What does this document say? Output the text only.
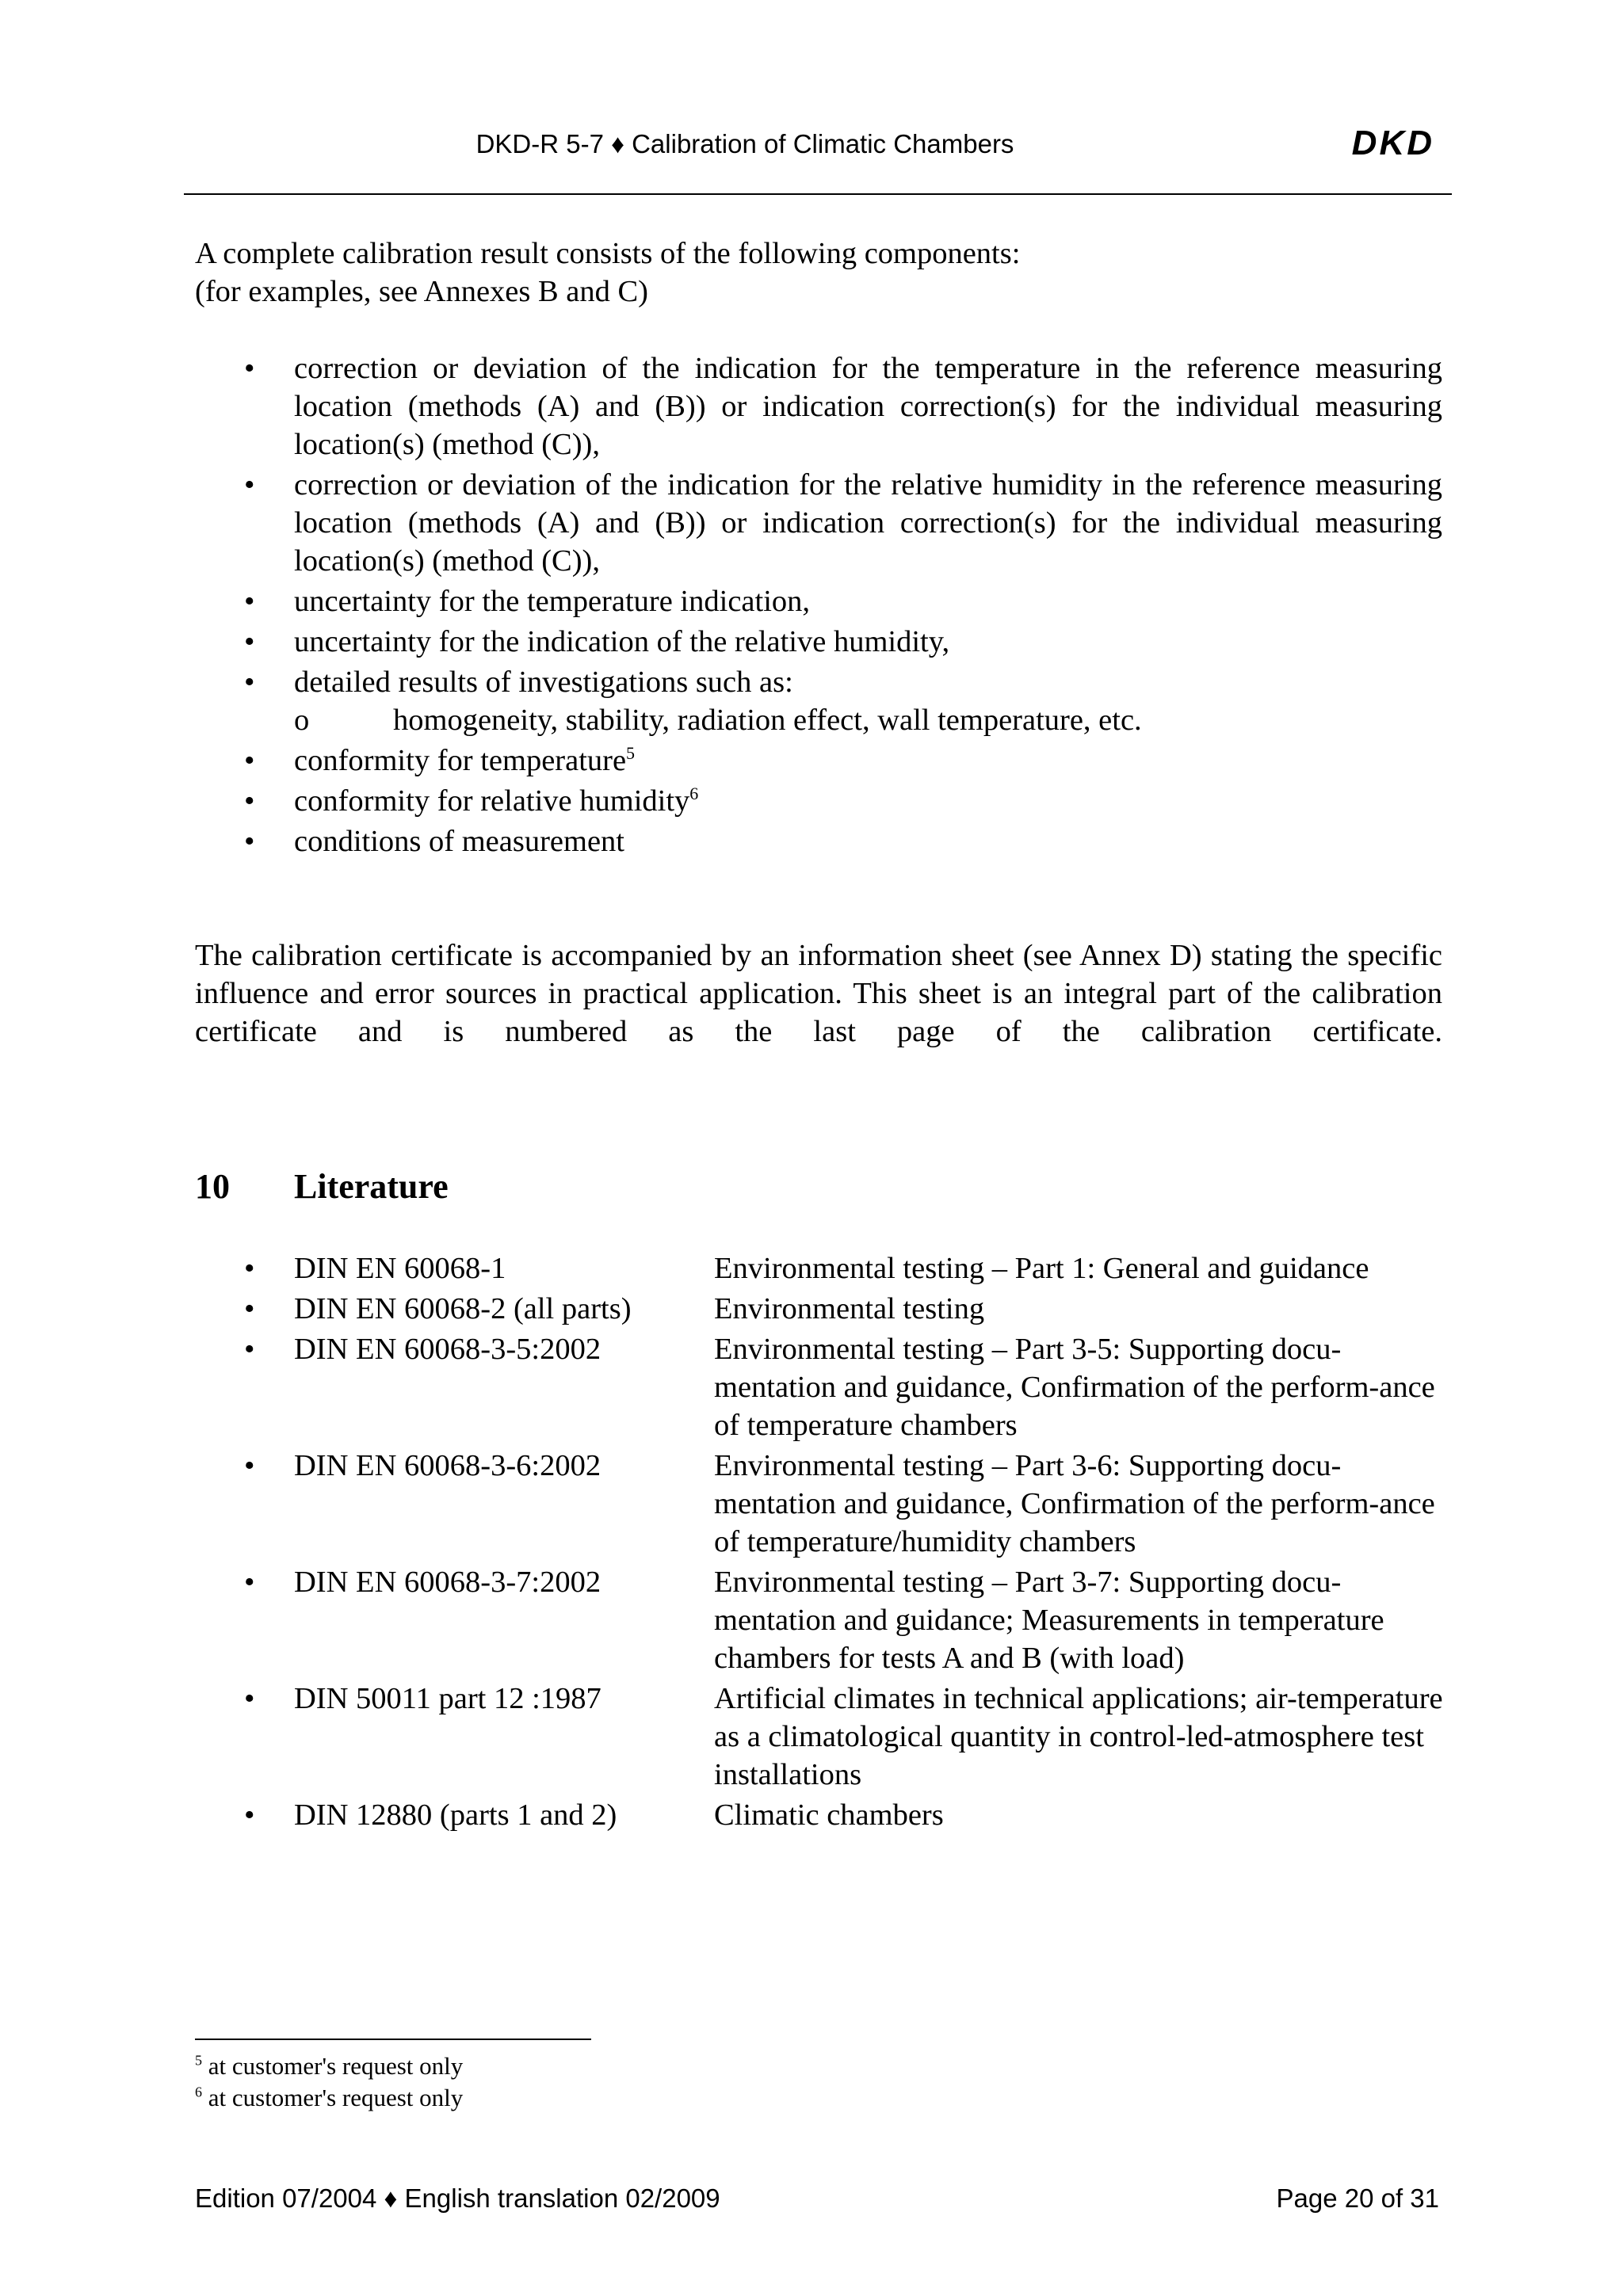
DKD-R 5-7 ♦ Calibration of Climatic Chambers	DKD

A complete calibration result consists of the following components:

(for examples, see Annexes B and C)

• correction or deviation of the indication for the temperature in the reference measuring location (methods (A) and (B)) or indication correction(s) for the individual measuring location(s) (method (C)),
• correction or deviation of the indication for the relative humidity in the reference measuring location (methods (A) and (B)) or indication correction(s) for the individual measuring location(s) (method (C)),
• uncertainty for the temperature indication,
• uncertainty for the indication of the relative humidity,
• detailed results of investigations such as:
o	homogeneity, stability, radiation effect, wall temperature, etc.
• conformity for temperature$^5$
• conformity for relative humidity$^6$
• conditions of measurement

The calibration certificate is accompanied by an information sheet (see Annex D) stating the specific influence and error sources in practical application. This sheet is an integral part of the calibration certificate and is numbered as the last page of the calibration certificate.

10 Literature
•	DIN EN 60068-1	Environmental testing – Part 1: General and guidance
•	DIN EN 60068-2 (all parts)	Environmental testing
•	DIN EN 60068-3-5:2002	Environmental testing – Part 3-5: Supporting docu-mentation and guidance, Confirmation of the perform-ance of temperature chambers
•	DIN EN 60068-3-6:2002	Environmental testing – Part 3-6: Supporting docu-mentation and guidance, Confirmation of the perform-ance of temperature/humidity chambers
•	DIN EN 60068-3-7:2002	Environmental testing – Part 3-7: Supporting docu-mentation and guidance; Measurements in temperature chambers for tests A and B (with load)
•	DIN 50011 part 12 :1987	Artificial climates in technical applications; air-temperature as a climatological quantity in control-led-atmosphere test installations
•	DIN 12880 (parts 1 and 2)	Climatic chambers
$^5$ at customer's request only
$^6$ at customer's request only
Edition 07/2004 ♦ English translation 02/2009	Page 20 of 31
